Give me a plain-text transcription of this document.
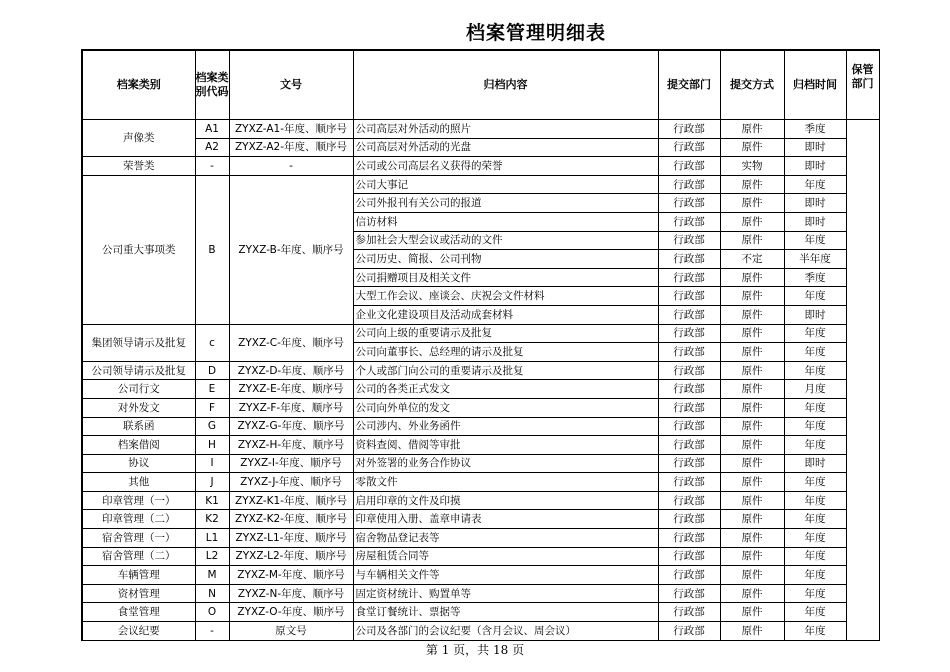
档案管理明细表
档案类别	档案类别代码	文号	归档内容	提交部门	提交方式	归档时间	保管部门
声像类	A1	ZYXZ-A1-年度、顺序号	公司高层对外活动的照片	行政部	原件	季度	
	A2	ZYXZ-A2-年度、顺序号	公司高层对外活动的光盘	行政部	原件	即时	
荣誉类	-	-	公司或公司高层名义获得的荣誉	行政部	实物	即时	
公司重大事项类	B	ZYXZ-B-年度、顺序号	公司大事记	行政部	原件	年度	
			公司外报刊有关公司的报道	行政部	原件	即时	
			信访材料	行政部	原件	即时	
			参加社会大型会议或活动的文件	行政部	原件	年度	
			公司历史、简报、公司刊物	行政部	不定	半年度	
			公司捐赠项目及相关文件	行政部	原件	季度	
			大型工作会议、座谈会、庆祝会文件材料	行政部	原件	年度	
			企业文化建设项目及活动成套材料	行政部	原件	即时	
集团领导请示及批复	c	ZYXZ-C-年度、顺序号	公司向上级的重要请示及批复	行政部	原件	年度	
			公司向董事长、总经理的请示及批复	行政部	原件	年度	
公司领导请示及批复	D	ZYXZ-D-年度、顺序号	个人或部门向公司的重要请示及批复	行政部	原件	年度	
公司行文	E	ZYXZ-E-年度、顺序号	公司的各类正式发文	行政部	原件	月度	
对外发文	F	ZYXZ-F-年度、顺序号	公司向外单位的发文	行政部	原件	年度	
联系函	G	ZYXZ-G-年度、顺序号	公司涉内、外业务函件	行政部	原件	年度	
档案借阅	H	ZYXZ-H-年度、顺序号	资料查阅、借阅等审批	行政部	原件	年度	
协议	I	ZYXZ-I-年度、顺序号	对外签署的业务合作协议	行政部	原件	即时	
其他	J	ZYXZ-J-年度、顺序号	零散文件	行政部	原件	年度	
印章管理（一）	K1	ZYXZ-K1-年度、顺序号	启用印章的文件及印摸	行政部	原件	年度	
印章管理（二）	K2	ZYXZ-K2-年度、顺序号	印章使用入册、盖章申请表	行政部	原件	年度	
宿舍管理（一）	L1	ZYXZ-L1-年度、顺序号	宿舍物品登记表等	行政部	原件	年度	
宿舍管理（二）	L2	ZYXZ-L2-年度、顺序号	房屋租赁合同等	行政部	原件	年度	
车辆管理	M	ZYXZ-M-年度、顺序号	与车辆相关文件等	行政部	原件	年度	
资材管理	N	ZYXZ-N-年度、顺序号	固定资材统计、购置单等	行政部	原件	年度	
食堂管理	O	ZYXZ-O-年度、顺序号	食堂订餐统计、票据等	行政部	原件	年度	
会议纪要	-	原文号	公司及各部门的会议纪要（含月会议、周会议）	行政部	原件	年度	
第 1 页，共 18 页
